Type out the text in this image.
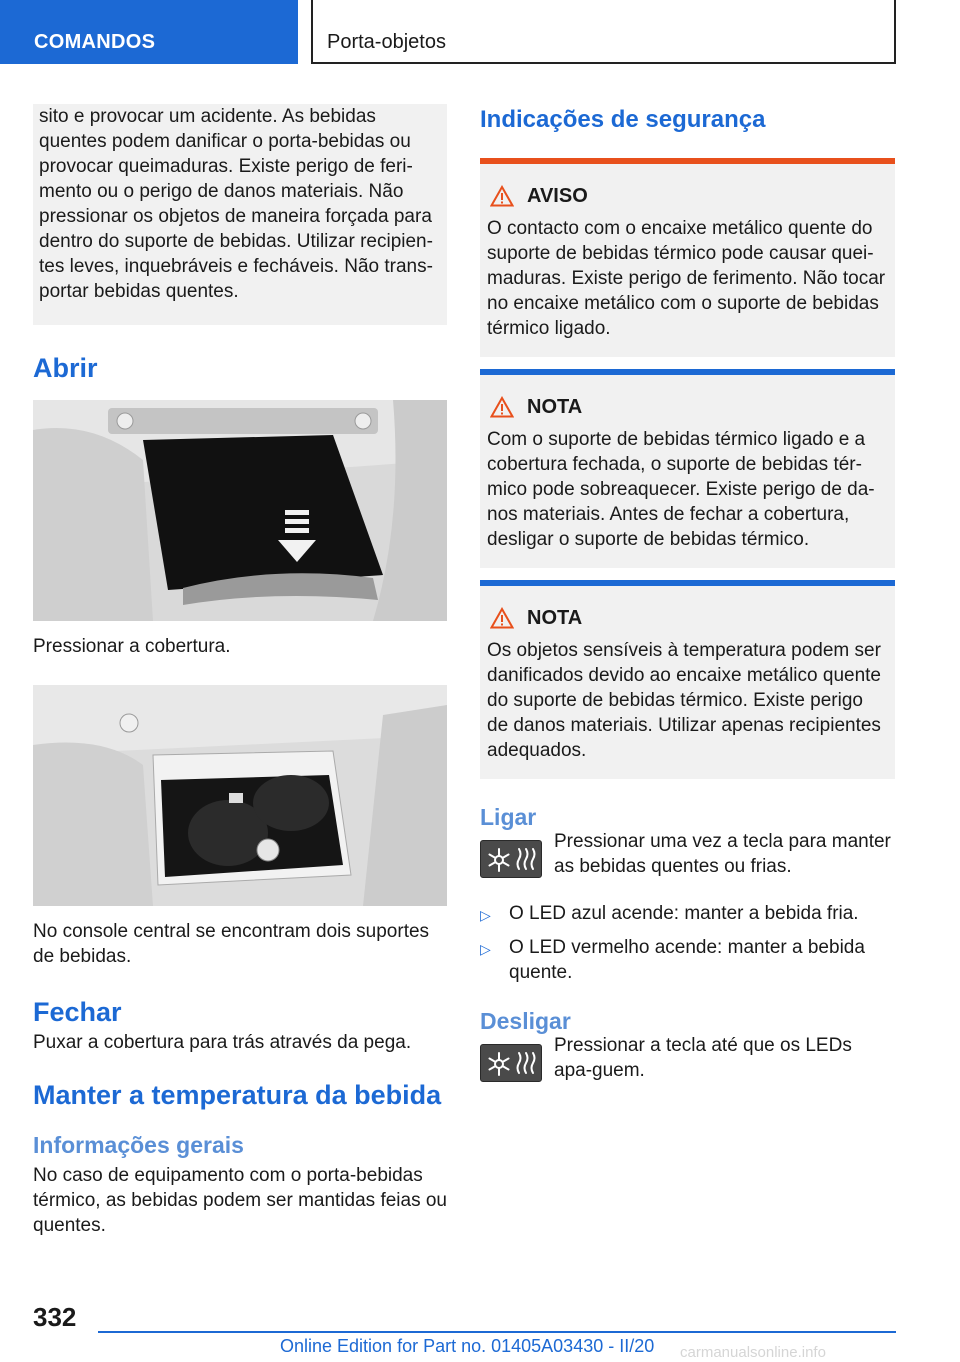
COMANDOS	Porta-objetos

sito e provocar um acidente. As bebidas quentes podem danificar o porta-bebidas ou provocar queimaduras. Existe perigo de feri-mento ou o perigo de danos materiais. Não pressionar os objetos de maneira forçada para dentro do suporte de bebidas. Utilizar recipien-tes leves, inquebráveis e fecháveis. Não trans-portar bebidas quentes.

Abrir

Pressionar a cobertura.

No console central se encontram dois suportes de bebidas.

Fechar

Puxar a cobertura para trás através da pega.

Manter a temperatura da bebida
Informações gerais

No caso de equipamento com o porta-bebidas térmico, as bebidas podem ser mantidas feias ou quentes.

Indicações de segurança
AVISO

O contacto com o encaixe metálico quente do suporte de bebidas térmico pode causar quei-maduras. Existe perigo de ferimento. Não tocar no encaixe metálico com o suporte de bebidas térmico ligado.

NOTA

Com o suporte de bebidas térmico ligado e a cobertura fechada, o suporte de bebidas tér-mico pode sobreaquecer. Existe perigo de da-nos materiais. Antes de fechar a cobertura, desligar o suporte de bebidas térmico.

NOTA

Os objetos sensíveis à temperatura podem ser danificados devido ao encaixe metálico quente do suporte de bebidas térmico. Existe perigo de danos materiais. Utilizar apenas recipientes adequados.

Ligar

Pressionar uma vez a tecla para manter as bebidas quentes ou frias.

▷ O LED azul acende: manter a bebida fria.
▷ O LED vermelho acende: manter a bebida quente.
Desligar

Pressionar a tecla até que os LEDs apa-guem.

332
Online Edition for Part no. 01405A03430 - II/20 carmanualsonline.info
